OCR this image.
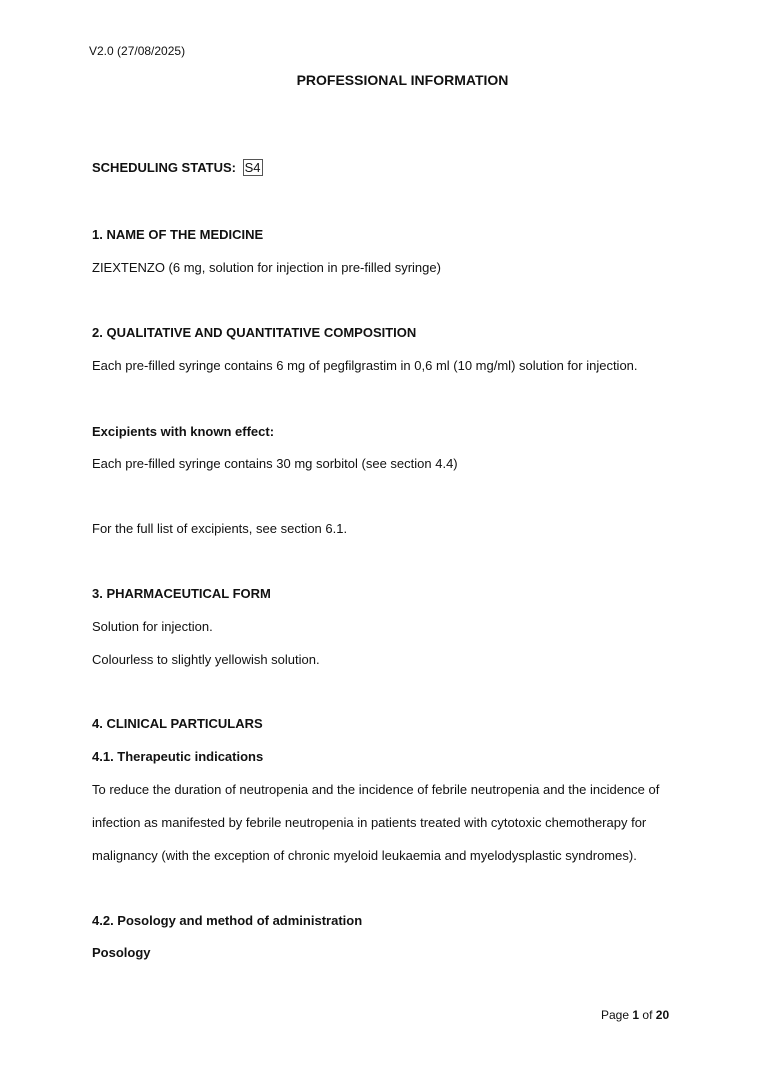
V2.0 (27/08/2025)
PROFESSIONAL INFORMATION
SCHEDULING STATUS: S4
1. NAME OF THE MEDICINE
ZIEXTENZO (6 mg, solution for injection in pre-filled syringe)
2. QUALITATIVE AND QUANTITATIVE COMPOSITION
Each pre-filled syringe contains 6 mg of pegfilgrastim in 0,6 ml (10 mg/ml) solution for injection.
Excipients with known effect:
Each pre-filled syringe contains 30 mg sorbitol (see section 4.4)
For the full list of excipients, see section 6.1.
3. PHARMACEUTICAL FORM
Solution for injection.
Colourless to slightly yellowish solution.
4. CLINICAL PARTICULARS
4.1. Therapeutic indications
To reduce the duration of neutropenia and the incidence of febrile neutropenia and the incidence of
infection as manifested by febrile neutropenia in patients treated with cytotoxic chemotherapy for
malignancy (with the exception of chronic myeloid leukaemia and myelodysplastic syndromes).
4.2. Posology and method of administration
Posology
Page 1 of 20
